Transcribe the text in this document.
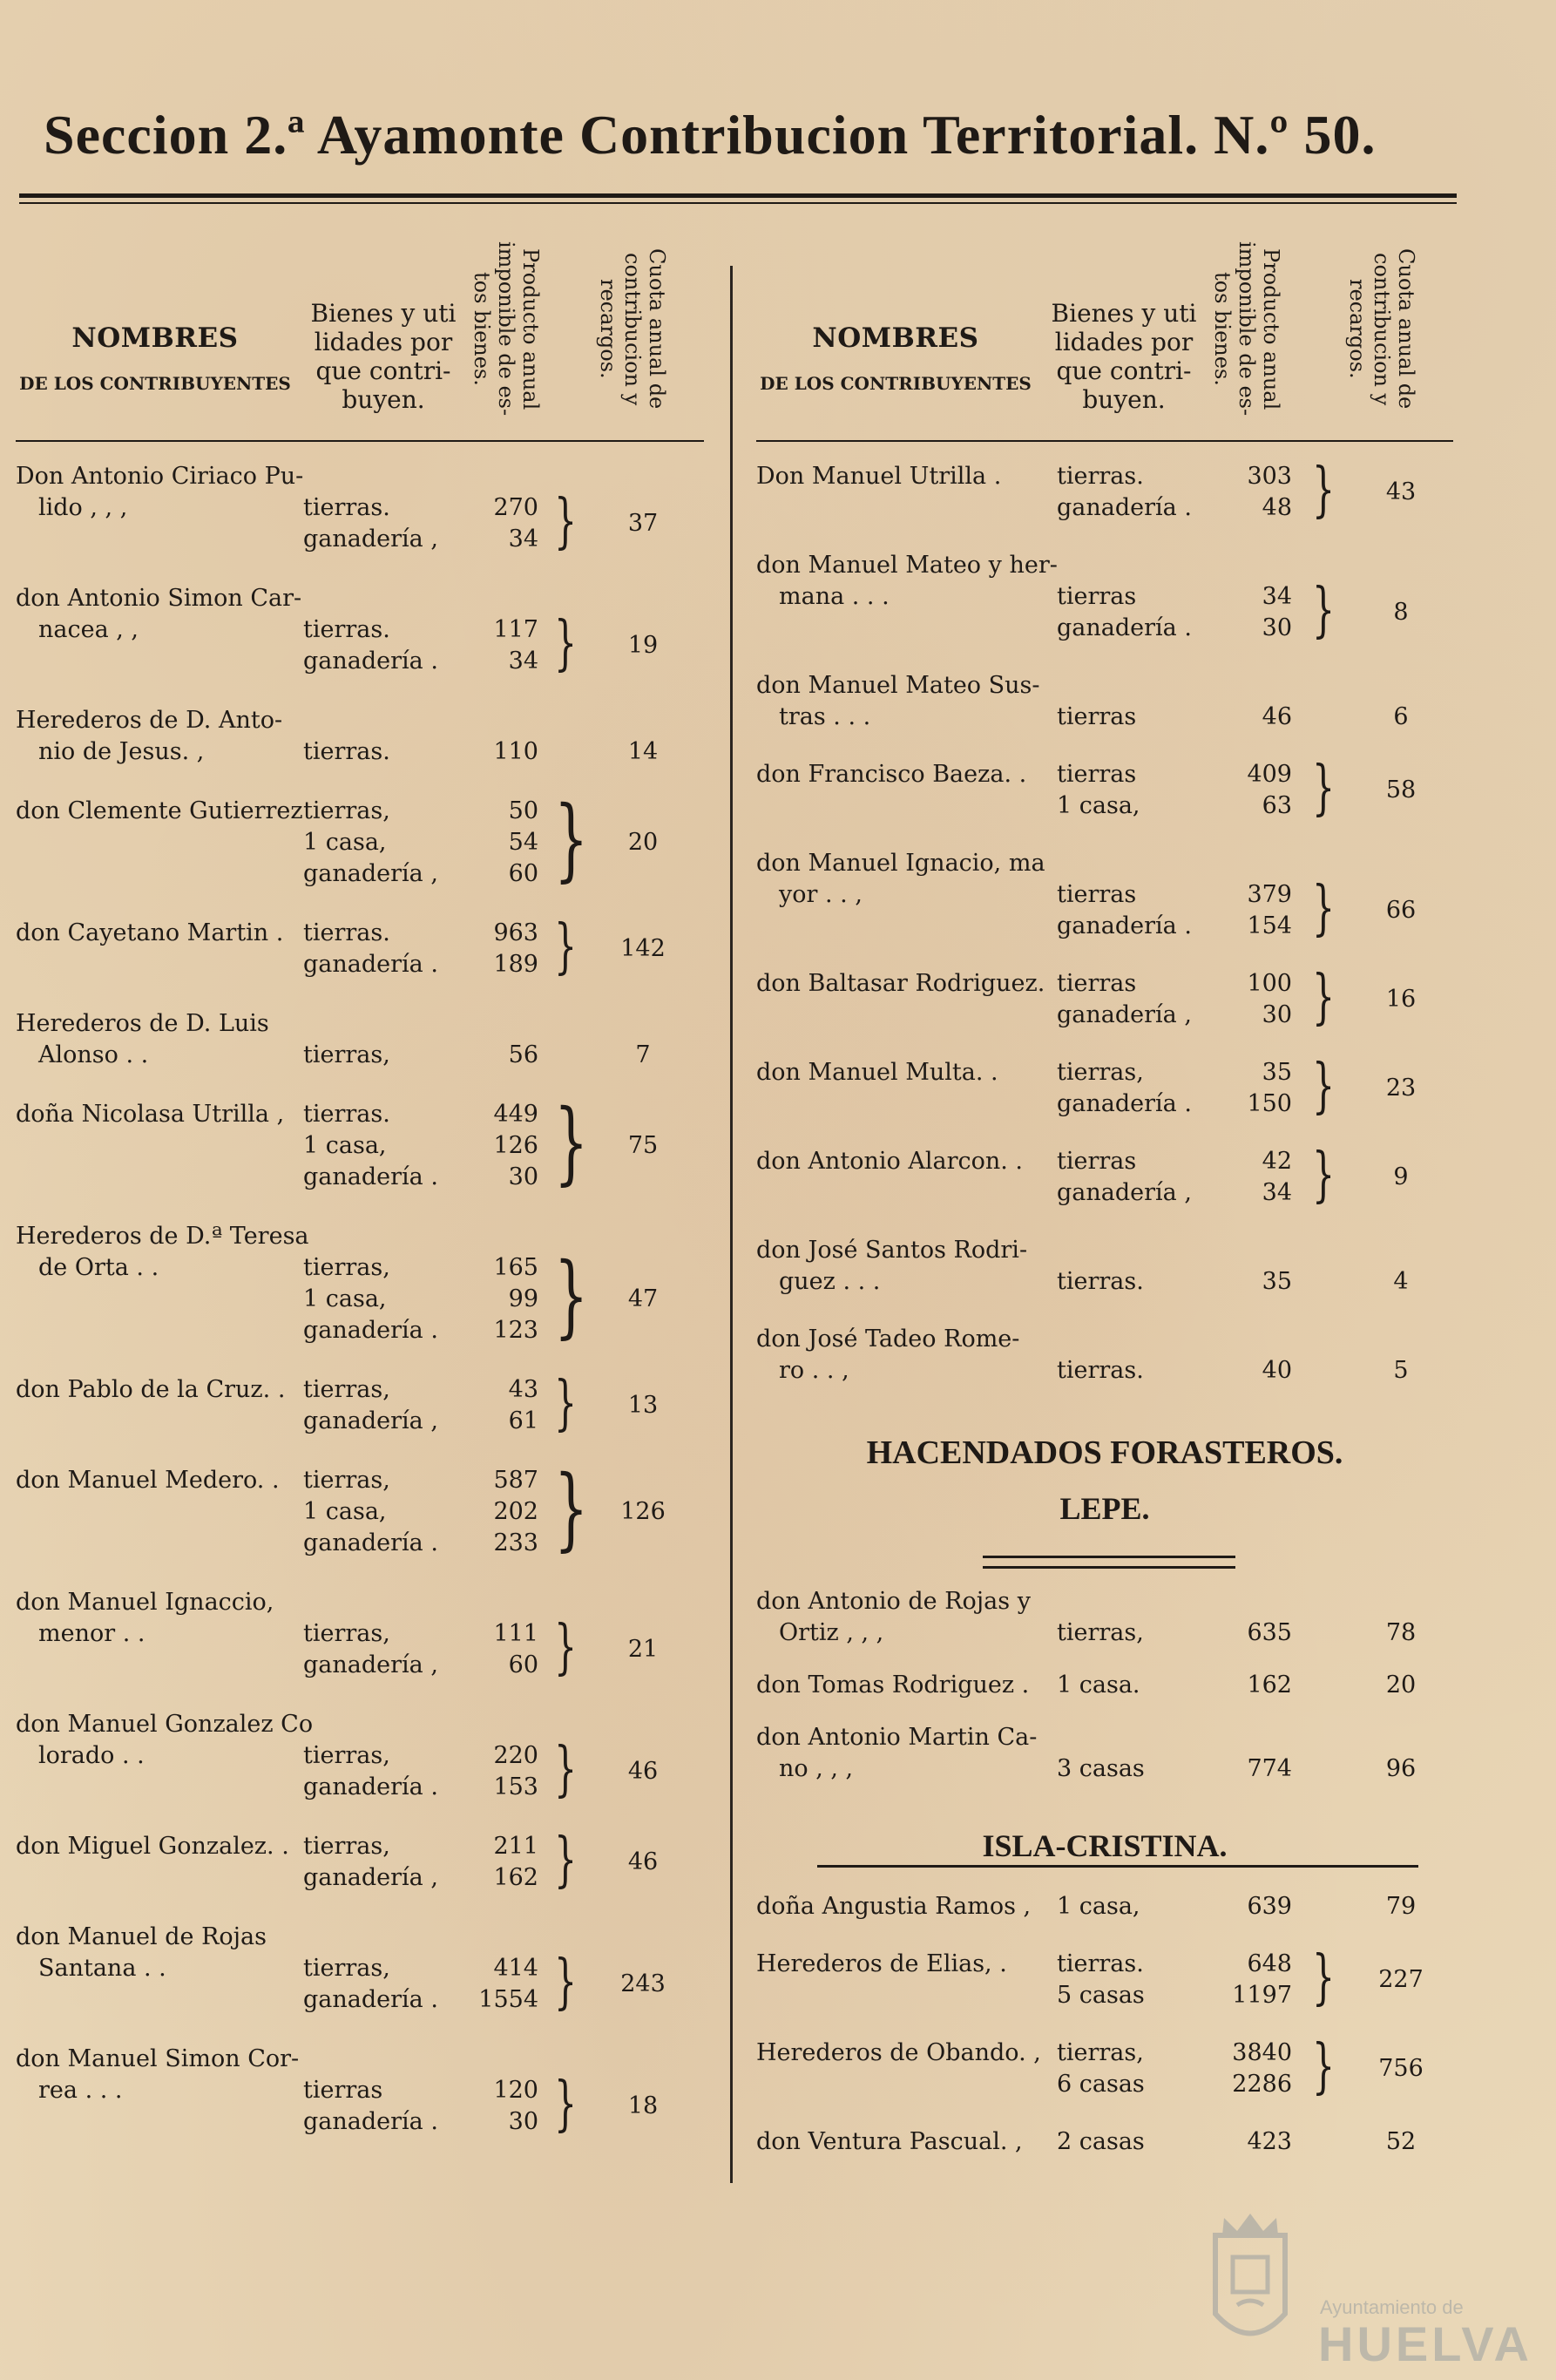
Seccion 2.ª Ayamonte Contribucion Territorial. N.º 50.
NOMBRES
DE LOS CONTRIBUYENTES
Bienes y uti lidades por que contri- buyen.	Producto anual imponible de es- tos bienes.	Cuota anual de contribucion y recargos.
Don Antonio Ciriaco Pu-
lido , , ,	tierras.	270
ganadería ,	34 }	37
don Antonio Simon Car-
nacea , ,	tierras.	117
ganadería .	34 }	19
Herederos de D. Anto-
nio de Jesus. ,	tierras.	110	14
don Clemente Gutierrez tierras,	50
1 casa,	54
ganadería ,	60 }	20
don Cayetano Martin . tierras.	963
ganadería . 189 }	142
Herederos de D. Luis
Alonso . .	tierras,	56	7
doña Nicolasa Utrilla , tierras.	449
1 casa,	126
ganadería .	30 }	75
Herederos de D.ª Teresa
de Orta . .	tierras,	165
1 casa,	99
ganadería . 123 }	47
don Pablo de la Cruz. . tierras,	43
ganadería ,	61 }	13
don Manuel Medero. .	tierras,	587
1 casa,	202
ganadería . 233 }	126
don Manuel Ignaccio,
menor . .	tierras,	111
ganadería ,	60 }	21
don Manuel Gonzalez Co
lorado . .	tierras,	220
ganadería . 153 }	46
don Miguel Gonzalez. . tierras,	211
ganadería , 162 }	46
don Manuel de Rojas
Santana . .	tierras,	414
ganadería . 1554 }	243
don Manuel Simon Cor-
rea . . .	tierras	120
ganadería .	30 }	18
NOMBRES
DE LOS CONTRIBUYENTES
Bienes y uti lidades por que contri- buyen.	Producto anual imponible de es- tos bienes.	Cuota anual de contribucion y recargos.
Don Manuel Utrilla .	tierras.	303
ganadería .	48 }	43
don Manuel Mateo y her-
mana . . .	tierras	34
ganadería .	30 }	8
don Manuel Mateo Sus-
tras . . .	tierras	46	6
don Francisco Baeza. .	tierras	409
1 casa,	63 }	58
don Manuel Ignacio, ma
yor . . ,	tierras	379
ganadería . 154 }	66
don Baltasar Rodriguez. tierras	100
ganadería ,	30 }	16
don Manuel Multa. .	tierras,	35
ganadería . 150 }	23
don Antonio Alarcon. .	tierras	42
ganadería ,	34 }	9
don José Santos Rodri-
guez . . .	tierras.	35	4
don José Tadeo Rome-
ro . . ,	tierras.	40	5
HACENDADOS FORASTEROS.
LEPE.
don Antonio de Rojas y
Ortiz , , ,	tierras,	635	78
don Tomas Rodriguez .	1 casa.	162	20
don Antonio Martin Ca-
no , , ,	3 casas	774	96
ISLA-CRISTINA.
doña Angustia Ramos ,	1 casa,	639	79
Herederos de Elias, .	tierras.	648
5 casas	1197 }	227
Herederos de Obando. , tierras,	3840
6 casas	2286 }	756
don Ventura Pascual. ,	2 casas	423	52
Ayuntamiento de
HUELVA
